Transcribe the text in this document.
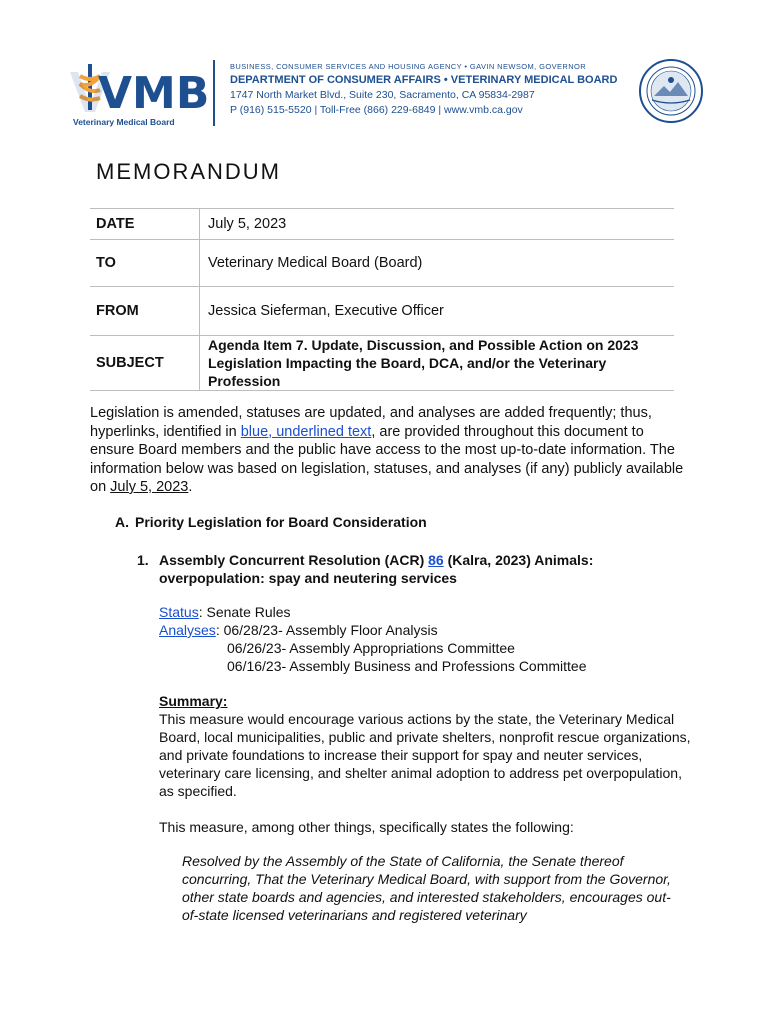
VMB
Veterinary Medical Board
BUSINESS, CONSUMER SERVICES AND HOUSING AGENCY • GAVIN NEWSOM, GOVERNOR
DEPARTMENT OF CONSUMER AFFAIRS • VETERINARY MEDICAL BOARD
1747 North Market Blvd., Suite 230, Sacramento, CA 95834-2987
P (916) 515-5520 | Toll-Free (866) 229-6849 | www.vmb.ca.gov
MEMORANDUM
DATE	July 5, 2023
TO	Veterinary Medical Board (Board)
FROM	Jessica Sieferman, Executive Officer
SUBJECT	Agenda Item 7. Update, Discussion, and Possible Action on 2023 Legislation Impacting the Board, DCA, and/or the Veterinary Profession
Legislation is amended, statuses are updated, and analyses are added frequently; thus, hyperlinks, identified in blue, underlined text, are provided throughout this document to ensure Board members and the public have access to the most up-to-date information. The information below was based on legislation, statuses, and analyses (if any) publicly available on July 5, 2023.
A. Priority Legislation for Board Consideration
1. Assembly Concurrent Resolution (ACR) 86 (Kalra, 2023) Animals: overpopulation: spay and neutering services
Status: Senate Rules
Analyses: 06/28/23- Assembly Floor Analysis
06/26/23- Assembly Appropriations Committee
06/16/23- Assembly Business and Professions Committee
Summary:
This measure would encourage various actions by the state, the Veterinary Medical Board, local municipalities, public and private shelters, nonprofit rescue organizations, and private foundations to increase their support for spay and neuter services, veterinary care licensing, and shelter animal adoption to address pet overpopulation, as specified.
This measure, among other things, specifically states the following:
Resolved by the Assembly of the State of California, the Senate thereof concurring, That the Veterinary Medical Board, with support from the Governor, other state boards and agencies, and interested stakeholders, encourages out-of-state licensed veterinarians and registered veterinary
